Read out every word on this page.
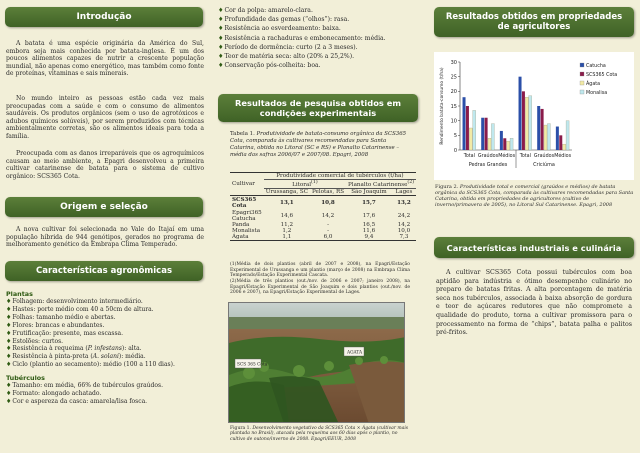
Introdução

A batata é uma espécie originária da América do Sul, embora seja mais conhecida por batata-inglesa. É um dos poucos alimentos capazes de nutrir a crescente população mundial, não apenas como energético, mas também como fonte de proteínas, vitaminas e sais minerais.

No mundo inteiro as pessoas estão cada vez mais preocupadas com a saúde e com o consumo de alimentos saudáveis. Os produtos orgânicos (sem o uso de agrotóxicos e adubos químicos solúveis), por serem produzidos com técnicas ambientalmente corretas, são os alimentos ideais para toda a família.

Preocupada com as danos irreparáveis que os agroquímicos causam ao meio ambiente, a Epagri desenvolveu a primeira cultivar catarinense de batata para o sistema de cultivo orgânico: SCS365 Cota.

Origem e seleção

A nova cultivar foi selecionada no Vale do Itajaí em uma população híbrida de 944 genótipos, gerados no programa de melhoramento genético da Embrapa Clima Temperado.

Características agronômicas
Plantas
♦ Folhagem: desenvolvimento intermediário.
♦ Hastes: porte médio com 40 a 50cm de altura.
♦ Folhas: tamanho médio e abertas.
♦ Flores: brancas e abundantes.
♦ Frutificação: presente, mas escassa.
♦ Estolões: curtos.
♦ Resistência à requeima (P. infestans): alta.
♦ Resistência à pinta-preta (A. solani): média.
♦ Ciclo (plantio ao secamento): médio (100 a 110 dias).
Tubérculos
♦ Tamanho: em média, 66% de tubérculos graúdos.
♦ Formato: alongado achatado.
♦ Cor e aspereza da casca: amarela/lisa fosca.
♦ Cor da polpa: amarelo-clara.
♦ Profundidade das gemas (“olhos”): rasa.
♦ Resistência ao esverdeamento: baixa.
♦ Resistência a rachaduras e embonecamento: média.
♦ Período de dormência: curto (2 a 3 meses).
♦ Teor de matéria seca: alto (20% a 25,2%).
♦ Conservação pós-colheita: boa.
Resultados de pesquisa obtidos em
condições experimentais

Tabela 1. Produtividade de batata-consumo orgânica da SCS365 Cota, comparada às cultivares recomendadas para Santa Catarina, obtida no Litoral (SC e RS) e Planalto Catarinense – média das safras 2006/07 e 2007/08. Epagri, 2008

Cultivar	Produtividade comercial de tubérculos (t/ha)			
	Litoral$^{(1)}$		Planalto Catarinense$^{(2)}$
	Urussanga, SC	Pelotas, RS	São Joaquim	Lages
SCS365 Cota	13,1	10,8	15,7	13,2
Epagri365 Catucha	14,6	14,2	17,6	24,2
Panda	11,2	-	16,5	14,2
Monalista	1,2	-	11,6	10,0
Ágata	1,1	6,0	9,4	7,3

(1)Média de dois plantios (abril de 2007 e 2008), na Epagri/Estação Experimental de Urussanga e um plantio (março de 2008) na Embrapa Clima Temperado/Estação Experimental Cascata.

(2)Média de três plantios (out./nov. de 2006 e 2007; janeiro 2008), na Epagri/Estação Experimental de São Joaquim e dois plantios (out./nov. de 2006 e 2007), na Epagri/Estação Experimental de Lages.

SCS 365 Cota
AGATA

Figura 1. Desenvolvimento vegetativo da SCS365 Cota × Ágata (cultivar mais plantada no Brasil), atacada pela requeima aos 60 dias após o plantio, no cultivo de outono/inverno de 2008. Epagri/EEUR, 2008

Resultados obtidos em propriedades
de agricultores

Figura 2. Produtividade total e comercial (graúdos e médios) de batata orgânica da SCS365 Cota, comparada às cultivares recomendadas para Santa Catarina, obtida em propriedades de agricultores (cultivo de inverno/primavera de 2005), no Litoral Sul Catarinense. Epagri, 2008

Características industriais e culinária

A cultivar SCS365 Cota possui tubérculos com boa aptidão para indústria e ótimo desempenho culinário no preparo de batatas fritas. A alta porcentagem de matéria seca nos tubérculos, associada à baixa absorção de gordura e teor de açúcares redutores que não compromete a qualidade do produto, torna a cultivar promissora para o processamento na forma de “chips”, batata palha e palitos pré-fritos.

0
5
10
15
20
25
30
Rendimento batata-consumo (t/ha)
Total Graúdos Médios Total Graúdos Médios
Pedras Grandes	Criciúma
Catucha
SCS365 Cota
Ágata
Monalisa
